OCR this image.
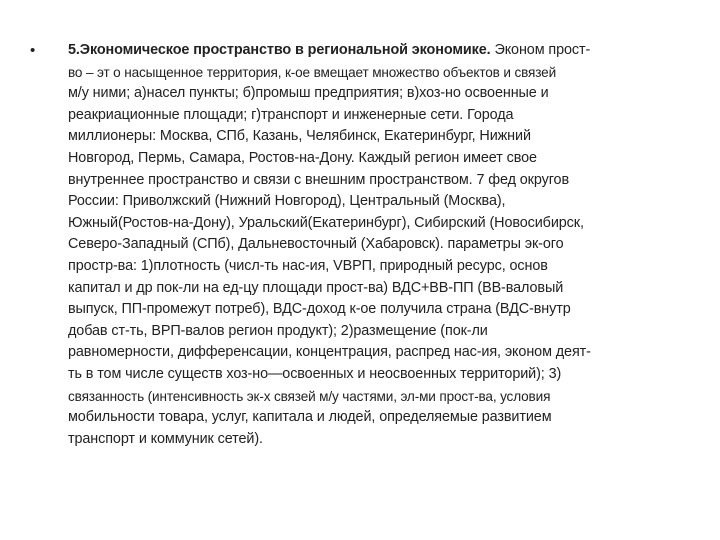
• 5.Экономическое пространство в региональной экономике. Эконом прост-
во – эт о насыщенное территория, к-ое вмещает множество объектов и связей
м/у ними; а)насел пункты; б)промыш предприятия; в)хоз-но освоенные и
реакриационные площади; г)транспорт и инженерные сети. Города
миллионеры: Москва, СПб, Казань, Челябинск, Екатеринбург, Нижний
Новгород, Пермь, Самара, Ростов-на-Дону. Каждый регион имеет свое
внутреннее пространство и связи с внешним пространством. 7 фед округов
России: Приволжский (Нижний Новгород), Центральный (Москва),
Южный(Ростов-на-Дону), Уральский(Екатеринбург), Сибирский (Новосибирск,
Северо-Западный (СПб), Дальневосточный (Хабаровск). параметры эк-ого
простр-ва: 1)плотность (числ-ть нас-ия, VВРП, природный ресурс, основ
капитал и др пок-ли на ед-цу площади прост-ва) ВДС+ВВ-ПП (ВВ-валовый
выпуск, ПП-промежут потреб), ВДС-доход к-ое получила страна (ВДС-внутр
добав ст-ть, ВРП-валов регион продукт); 2)размещение (пок-ли
равномерности, дифференсации, концентрация, распред нас-ия, эконом деят-
ть в том числе существ хоз-но—освоенных и неосвоенных территорий); 3)
связанность (интенсивность эк-х связей м/у частями, эл-ми прост-ва, условия
мобильности товара, услуг, капитала и людей, определяемые развитием
транспорт и коммуник сетей).
